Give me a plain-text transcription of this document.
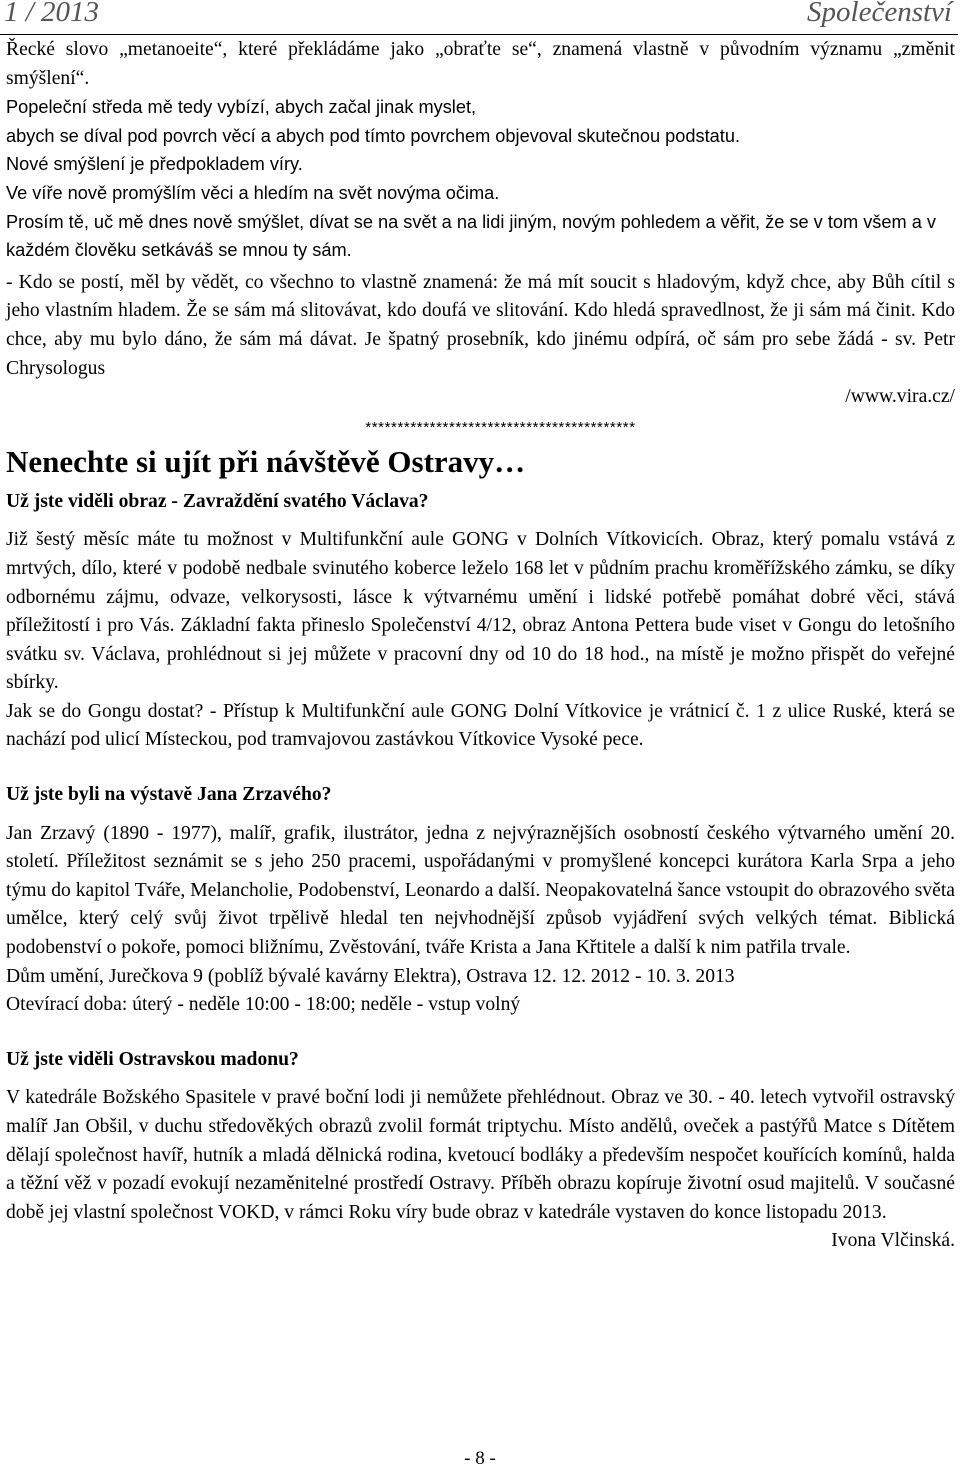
1 / 2013	Společenství

Řecké slovo „metanoeite“, které překládáme jako „obraťte se“, znamená vlastně v původním významu „změnit smýšlení“.

Popeleční středa mě tedy vybízí, abych začal jinak myslet,

abych se díval pod povrch věcí a abych pod tímto povrchem objevoval skutečnou podstatu.

Nové smýšlení je předpokladem víry.

Ve víře nově promýšlím věci a hledím na svět novýma očima.

Prosím tě, uč mě dnes nově smýšlet, dívat se na svět a na lidi jiným, novým pohledem a věřit, že se v tom všem a v každém člověku setkáváš se mnou ty sám.

- Kdo se postí, měl by vědět, co všechno to vlastně znamená: že má mít soucit s hladovým, když chce, aby Bůh cítil s jeho vlastním hladem. Že se sám má slitovávat, kdo doufá ve slitování. Kdo hledá spravedlnost, že ji sám má činit. Kdo chce, aby mu bylo dáno, že sám má dávat. Je špatný prosebník, kdo jinému odpírá, oč sám pro sebe žádá - sv. Petr Chrysologus

/www.vira.cz/

******************************************
Nenechte si ujít při návštěvě Ostravy…
Už jste viděli obraz - Zavraždění svatého Václava?

Již šestý měsíc máte tu možnost v Multifunkční aule GONG v Dolních Vítkovicích. Obraz, který pomalu vstává z mrtvých, dílo, které v podobě nedbale svinutého koberce leželo 168 let v půdním prachu kroměřížského zámku, se díky odbornému zájmu, odvaze, velkorysosti, lásce k výtvarnému umění i lidské potřebě pomáhat dobré věci, stává příležitostí i pro Vás. Základní fakta přineslo Společenství 4/12, obraz Antona Pettera bude viset v Gongu do letošního svátku sv. Václava, prohlédnout si jej můžete v pracovní dny od 10 do 18 hod., na místě je možno přispět do veřejné sbírky.

Jak se do Gongu dostat? - Přístup k Multifunkční aule GONG Dolní Vítkovice je vrátnicí č. 1 z ulice Ruské, která se nachází pod ulicí Místeckou, pod tramvajovou zastávkou Vítkovice Vysoké pece.

Už jste byli na výstavě Jana Zrzavého?

Jan Zrzavý (1890 - 1977), malíř, grafik, ilustrátor, jedna z nejvýraznějších osobností českého výtvarného umění 20. století. Příležitost seznámit se s jeho 250 pracemi, uspořádanými v promyšlené koncepci kurátora Karla Srpa a jeho týmu do kapitol Tváře, Melancholie, Podobenství, Leonardo a další. Neopakovatelná šance vstoupit do obrazového světa umělce, který celý svůj život trpělivě hledal ten nejvhodnější způsob vyjádření svých velkých témat. Biblická podobenství o pokoře, pomoci bližnímu, Zvěstování, tváře Krista a Jana Křtitele a další k nim patřila trvale.

Dům umění, Jurečkova 9 (poblíž bývalé kavárny Elektra), Ostrava 12. 12. 2012 - 10. 3. 2013

Otevírací doba: úterý - neděle 10:00 - 18:00; neděle - vstup volný

Už jste viděli Ostravskou madonu?

V katedrále Božského Spasitele v pravé boční lodi ji nemůžete přehlédnout. Obraz ve 30. - 40. letech vytvořil ostravský malíř Jan Obšil, v duchu středověkých obrazů zvolil formát triptychu. Místo andělů, oveček a pastýřů Matce s Dítětem dělají společnost havíř, hutník a mladá dělnická rodina, kvetoucí bodláky a především nespočet kouřících komínů, halda a těžní věž v pozadí evokují nezaměnitelné prostředí Ostravy. Příběh obrazu kopíruje životní osud majitelů. V současné době jej vlastní společnost VOKD, v rámci Roku víry bude obraz v katedrále vystaven do konce listopadu 2013.

Ivona Vlčinská.

- 8 -
